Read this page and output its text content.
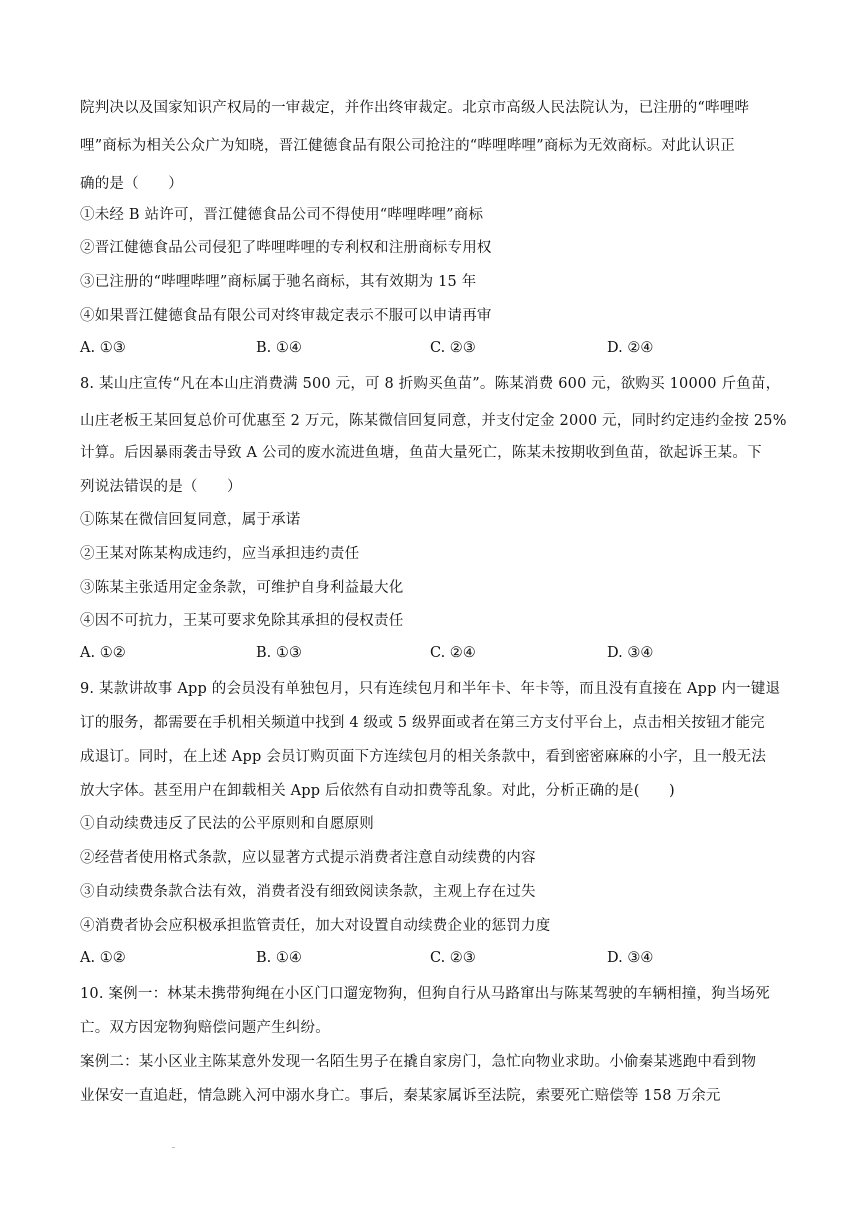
院判决以及国家知识产权局的一审裁定，并作出终审裁定。北京市高级人民法院认为，已注册的“哔哩哔
哩”商标为相关公众广为知晓，晋江健德食品有限公司抢注的“哔哩哔哩”商标为无效商标。对此认识正
确的是（　　）
①未经 B 站许可，晋江健德食品公司不得使用“哔哩哔哩”商标
②晋江健德食品公司侵犯了哔哩哔哩的专利权和注册商标专用权
③已注册的“哔哩哔哩”商标属于驰名商标，其有效期为 15 年
④如果晋江健德食品有限公司对终审裁定表示不服可以申请再审
A. ①③	B. ①④	C. ②③	D. ②④
8. 某山庄宣传“凡在本山庄消费满 500 元，可 8 折购买鱼苗”。陈某消费 600 元，欲购买 10000 斤鱼苗，
山庄老板王某回复总价可优惠至 2 万元，陈某微信回复同意，并支付定金 2000 元，同时约定违约金按 25%
计算。后因暴雨袭击导致 A 公司的废水流进鱼塘，鱼苗大量死亡，陈某未按期收到鱼苗，欲起诉王某。下
列说法错误的是（　　）
①陈某在微信回复同意，属于承诺
②王某对陈某构成违约，应当承担违约责任
③陈某主张适用定金条款，可维护自身利益最大化
④因不可抗力，王某可要求免除其承担的侵权责任
A. ①②	B. ①③	C. ②④	D. ③④
9. 某款讲故事 App 的会员没有单独包月，只有连续包月和半年卡、年卡等，而且没有直接在 App 内一键退
订的服务，都需要在手机相关频道中找到 4 级或 5 级界面或者在第三方支付平台上，点击相关按钮才能完
成退订。同时，在上述 App 会员订购页面下方连续包月的相关条款中，看到密密麻麻的小字，且一般无法
放大字体。甚至用户在卸载相关 App 后依然有自动扣费等乱象。对此，分析正确的是(　　)
①自动续费违反了民法的公平原则和自愿原则
②经营者使用格式条款，应以显著方式提示消费者注意自动续费的内容
③自动续费条款合法有效，消费者没有细致阅读条款，主观上存在过失
④消费者协会应积极承担监管责任，加大对设置自动续费企业的惩罚力度
A. ①②	B. ①④	C. ②③	D. ③④
10. 案例一：林某未携带狗绳在小区门口遛宠物狗，但狗自行从马路窜出与陈某驾驶的车辆相撞，狗当场死
亡。双方因宠物狗赔偿问题产生纠纷。
案例二：某小区业主陈某意外发现一名陌生男子在撬自家房门，急忙向物业求助。小偷秦某逃跑中看到物
业保安一直追赶，情急跳入河中溺水身亡。事后，秦某家属诉至法院，索要死亡赔偿等 158 万余元
